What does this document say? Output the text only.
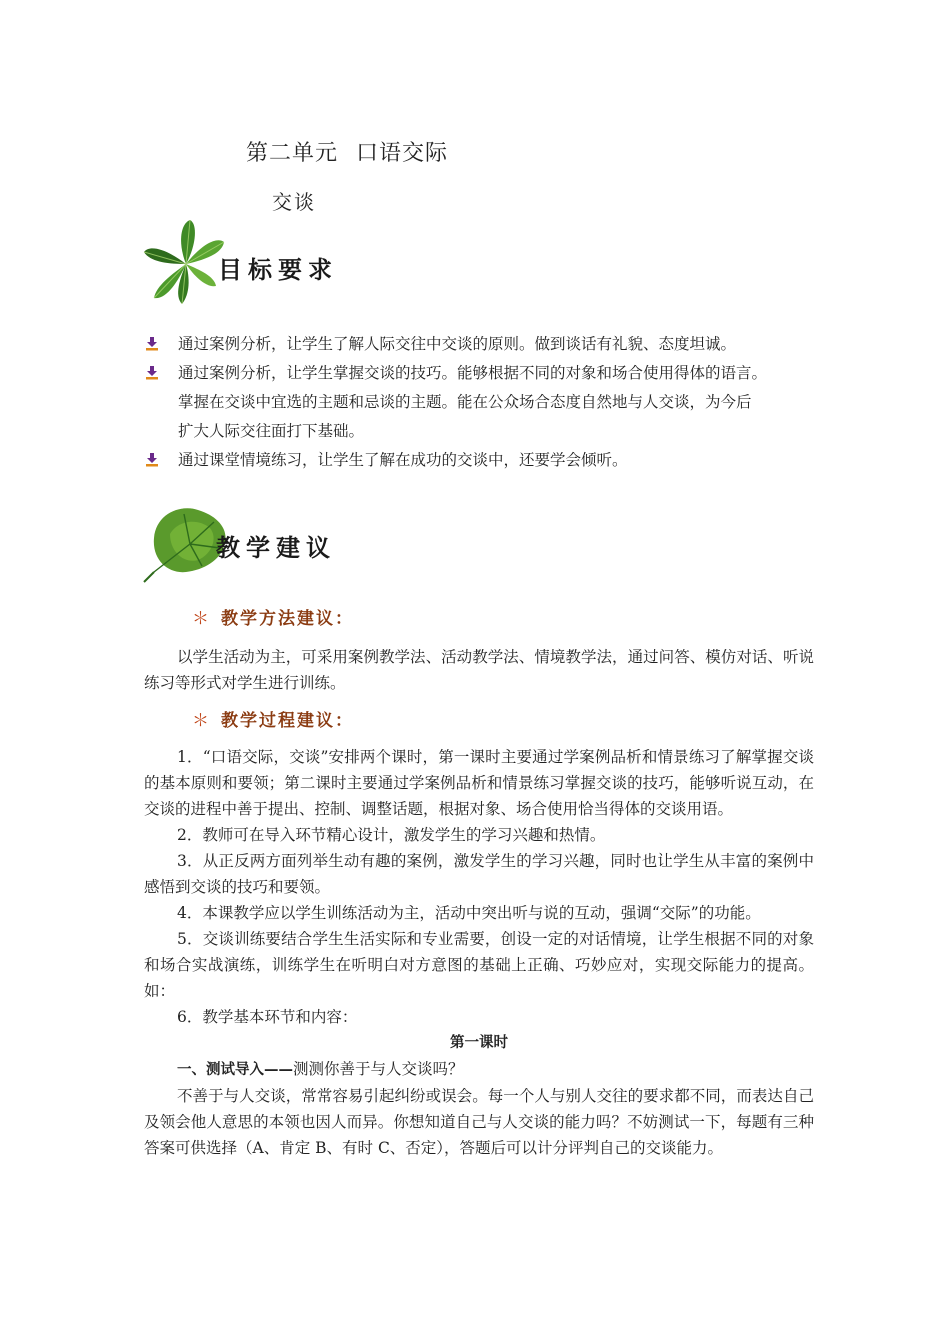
第二单元 口语交际
交谈
目标要求
通过案例分析，让学生了解人际交往中交谈的原则。做到谈话有礼貌、态度坦诚。
通过案例分析，让学生掌握交谈的技巧。能够根据不同的对象和场合使用得体的语言。
掌握在交谈中宜选的主题和忌谈的主题。能在公众场合态度自然地与人交谈，为今后
扩大人际交往面打下基础。
通过课堂情境练习，让学生了解在成功的交谈中，还要学会倾听。
教学建议
＊ 教学方法建议：
以学生活动为主，可采用案例教学法、活动教学法、情境教学法，通过问答、模仿对话、听说练习等形式对学生进行训练。
＊ 教学过程建议：
1．“口语交际，交谈”安排两个课时，第一课时主要通过学案例品析和情景练习了解掌握交谈的基本原则和要领；第二课时主要通过学案例品析和情景练习掌握交谈的技巧，能够听说互动，在交谈的进程中善于提出、控制、调整话题，根据对象、场合使用恰当得体的交谈用语。
2．教师可在导入环节精心设计，激发学生的学习兴趣和热情。
3．从正反两方面列举生动有趣的案例，激发学生的学习兴趣，同时也让学生从丰富的案例中感悟到交谈的技巧和要领。
4．本课教学应以学生训练活动为主，活动中突出听与说的互动，强调“交际”的功能。
5．交谈训练要结合学生生活实际和专业需要，创设一定的对话情境，让学生根据不同的对象和场合实战演练，训练学生在听明白对方意图的基础上正确、巧妙应对，实现交际能力的提高。如：
6．教学基本环节和内容：
第一课时
一、测试导入——测测你善于与人交谈吗？
不善于与人交谈，常常容易引起纠纷或误会。每一个人与别人交往的要求都不同，而表达自己及领会他人意思的本领也因人而异。你想知道自己与人交谈的能力吗？不妨测试一下，每题有三种答案可供选择（A、肯定 B、有时 C、否定），答题后可以计分评判自己的交谈能力。
